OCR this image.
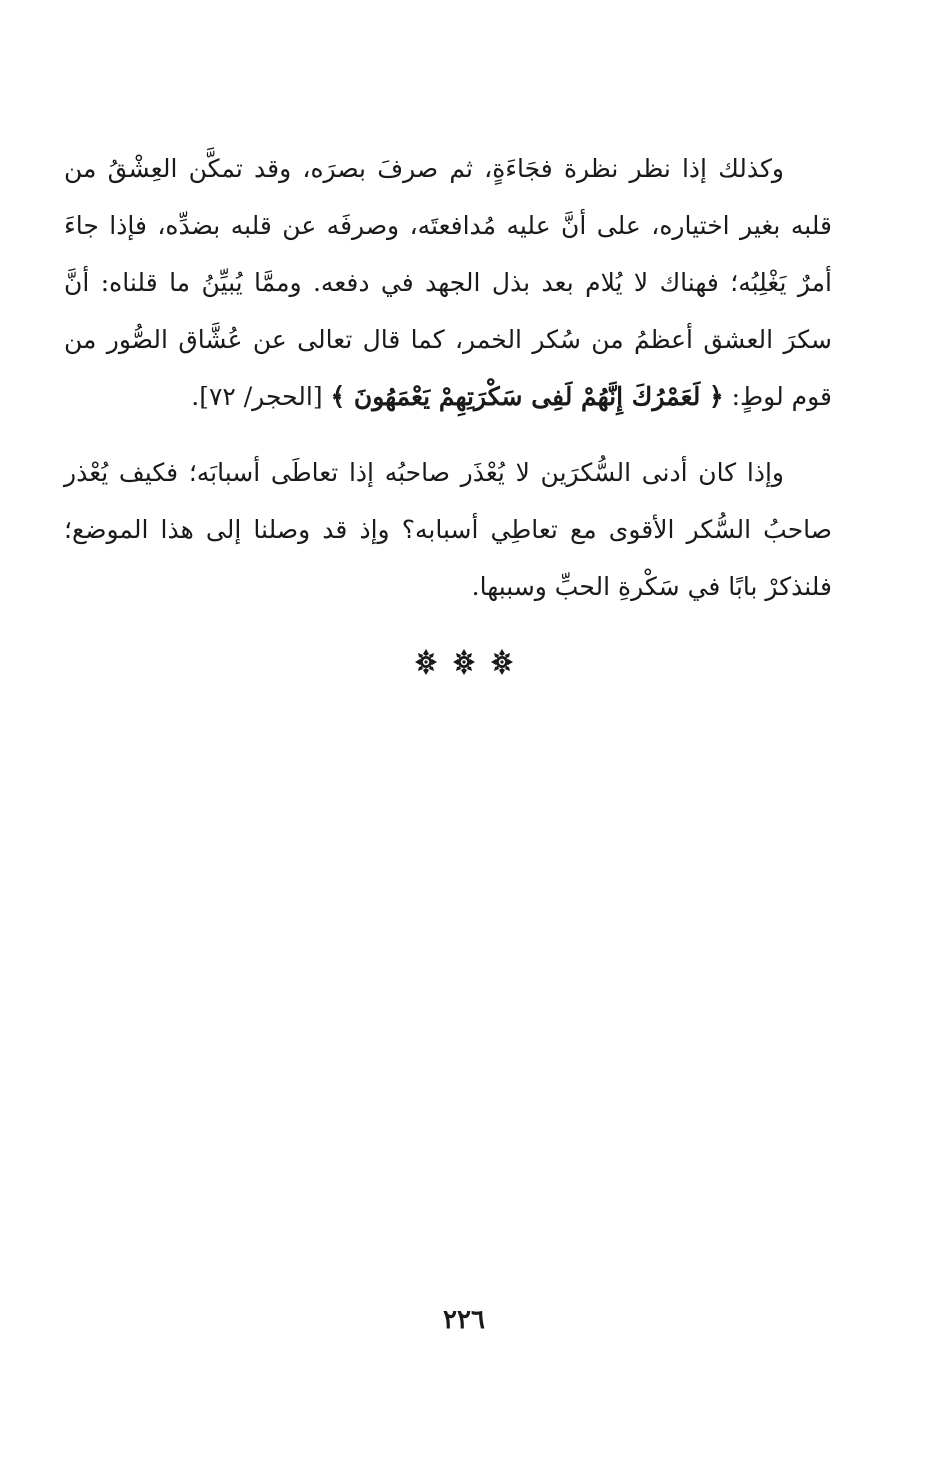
وكذلك إذا نظر نظرة فجَاءَةٍ، ثم صرفَ بصرَه، وقد تمكَّن العِشْقُ من قلبه بغير اختياره، على أنَّ عليه مُدافعتَه، وصرفَه عن قلبه بضدِّه، فإذا جاءَ أمرٌ يَغْلِبُه؛ فهناك لا يُلام بعد بذل الجهد في دفعه. وممَّا يُبيِّنُ ما قلناه: أنَّ سكرَ العشق أعظمُ من سُكر الخمر، كما قال تعالى عن عُشَّاق الصُّور من قوم لوطٍ: ﴿ لَعَمْرُكَ إِنَّهُمْ لَفِى سَكْرَتِهِمْ يَعْمَهُونَ ﴾ [الحجر/ ٧٢].

وإذا كان أدنى السُّكرَين لا يُعْذَر صاحبُه إذا تعاطَى أسبابَه؛ فكيف يُعْذر صاحبُ السُّكر الأقوى مع تعاطِي أسبابه؟ وإذ قد وصلنا إلى هذا الموضع؛ فلنذكرْ بابًا في سَكْرةِ الحبِّ وسببها.

٢٢٦
